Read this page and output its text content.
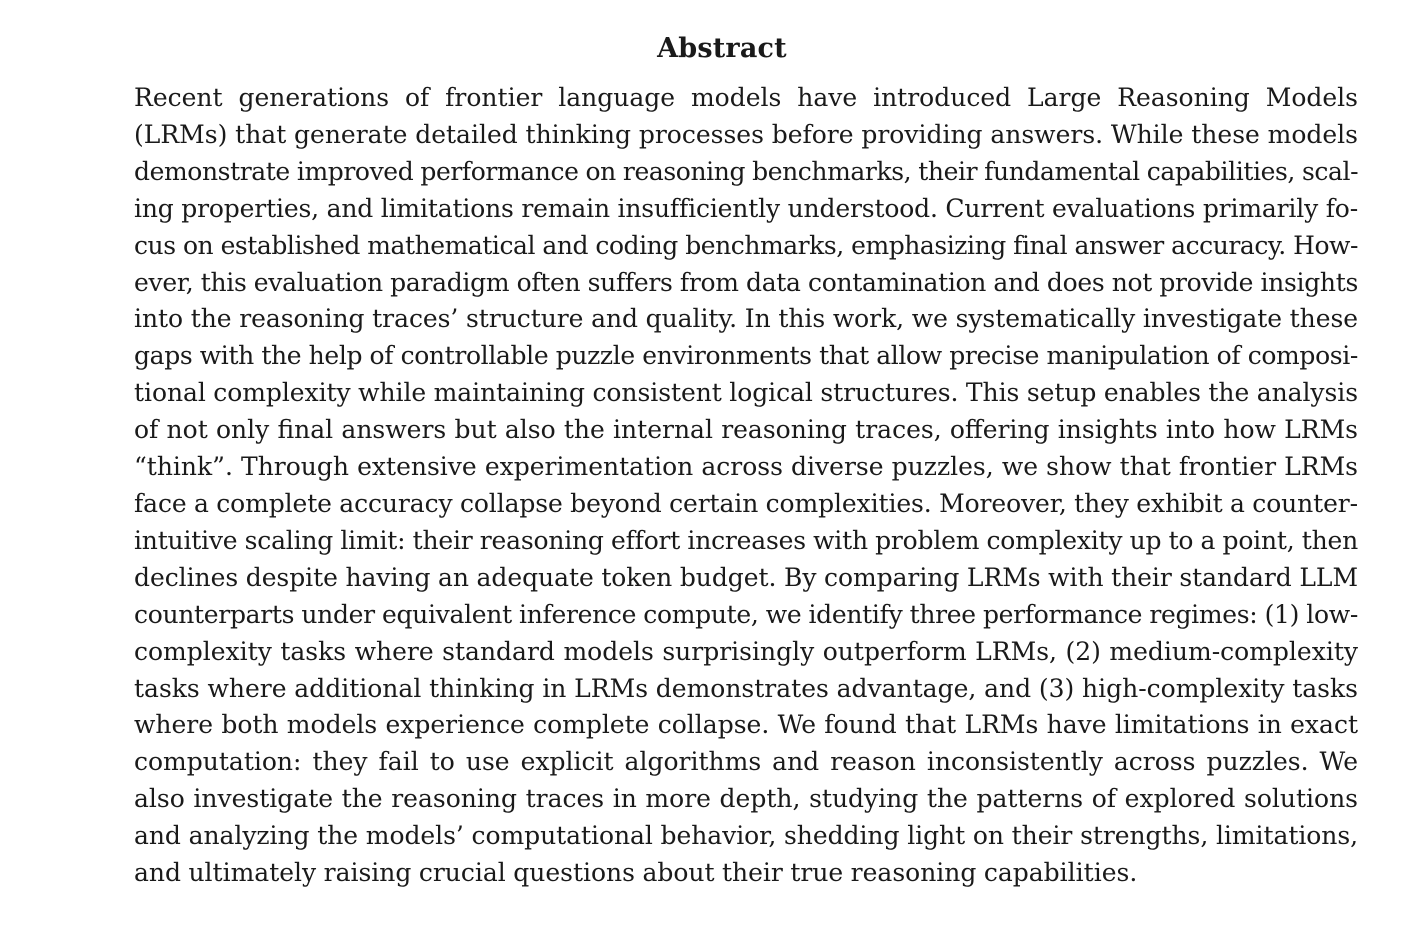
Abstract
Recent generations of frontier language models have introduced Large Reasoning Models
(LRMs) that generate detailed thinking processes before providing answers. While these models
demonstrate improved performance on reasoning benchmarks, their fundamental capabilities, scal-
ing properties, and limitations remain insufficiently understood. Current evaluations primarily fo-
cus on established mathematical and coding benchmarks, emphasizing final answer accuracy. How-
ever, this evaluation paradigm often suffers from data contamination and does not provide insights
into the reasoning traces’ structure and quality. In this work, we systematically investigate these
gaps with the help of controllable puzzle environments that allow precise manipulation of composi-
tional complexity while maintaining consistent logical structures. This setup enables the analysis
of not only final answers but also the internal reasoning traces, offering insights into how LRMs
“think”. Through extensive experimentation across diverse puzzles, we show that frontier LRMs
face a complete accuracy collapse beyond certain complexities. Moreover, they exhibit a counter-
intuitive scaling limit: their reasoning effort increases with problem complexity up to a point, then
declines despite having an adequate token budget. By comparing LRMs with their standard LLM
counterparts under equivalent inference compute, we identify three performance regimes: (1) low-
complexity tasks where standard models surprisingly outperform LRMs, (2) medium-complexity
tasks where additional thinking in LRMs demonstrates advantage, and (3) high-complexity tasks
where both models experience complete collapse. We found that LRMs have limitations in exact
computation: they fail to use explicit algorithms and reason inconsistently across puzzles. We
also investigate the reasoning traces in more depth, studying the patterns of explored solutions
and analyzing the models’ computational behavior, shedding light on their strengths, limitations,
and ultimately raising crucial questions about their true reasoning capabilities.
